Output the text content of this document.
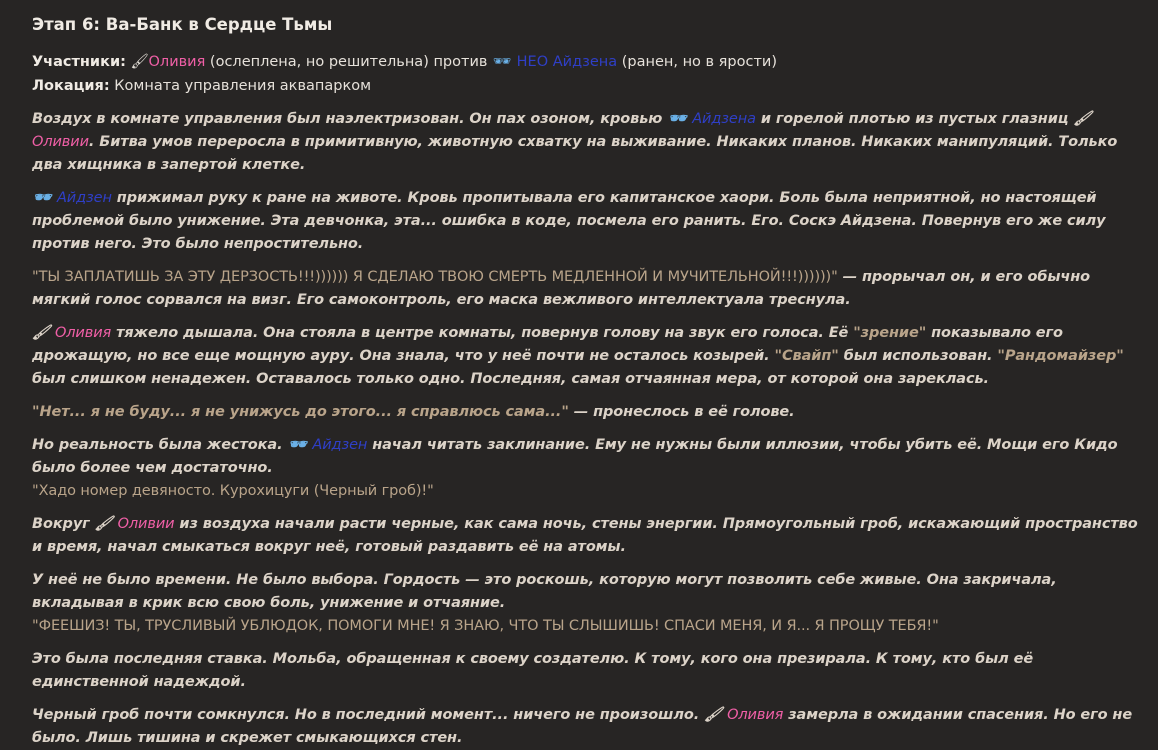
Этап 6: Ва-Банк в Сердце Тьмы
Участники: 🖌Оливия (ослеплена, но решительна) против 🕶 НЕО Айдзена (ранен, но в ярости)
Локация: Комната управления аквапарком

Воздух в комнате управления был наэлектризован. Он пах озоном, кровью 🕶 Айдзена и горелой плотью из пустых глазниц 🖌 Оливии. Битва умов переросла в примитивную, животную схватку на выживание. Никаких планов. Никаких манипуляций. Только два хищника в запертой клетке.

🕶 Айдзен прижимал руку к ране на животе. Кровь пропитывала его капитанское хаори. Боль была неприятной, но настоящей проблемой было унижение. Эта девчонка, эта... ошибка в коде, посмела его ранить. Его. Соскэ Айдзена. Повернув его же силу против него. Это было непростительно.

"ТЫ ЗАПЛАТИШЬ ЗА ЭТУ ДЕРЗОСТЬ!!!)))))) Я СДЕЛАЮ ТВОЮ СМЕРТЬ МЕДЛЕННОЙ И МУЧИТЕЛЬНОЙ!!!))))))" — прорычал он, и его обычно мягкий голос сорвался на визг. Его самоконтроль, его маска вежливого интеллектуала треснула.

🖌 Оливия тяжело дышала. Она стояла в центре комнаты, повернув голову на звук его голоса. Её "зрение" показывало его дрожащую, но все еще мощную ауру. Она знала, что у неё почти не осталось козырей. "Свайп" был использован. "Рандомайзер" был слишком ненадежен. Оставалось только одно. Последняя, самая отчаянная мера, от которой она зареклась.

"Нет... я не буду... я не унижусь до этого... я справлюсь сама..." — пронеслось в её голове.

Но реальность была жестока. 🕶 Айдзен начал читать заклинание. Ему не нужны были иллюзии, чтобы убить её. Мощи его Кидо было более чем достаточно.
"Хадо номер девяносто. Курохицуги (Черный гроб)!"

Вокруг 🖌 Оливии из воздуха начали расти черные, как сама ночь, стены энергии. Прямоугольный гроб, искажающий пространство и время, начал смыкаться вокруг неё, готовый раздавить её на атомы.

У неё не было времени. Не было выбора. Гордость — это роскошь, которую могут позволить себе живые. Она закричала, вкладывая в крик всю свою боль, унижение и отчаяние.
"ФЕЕШИЗ! ТЫ, ТРУСЛИВЫЙ УБЛЮДОК, ПОМОГИ МНЕ! Я ЗНАЮ, ЧТО ТЫ СЛЫШИШЬ! СПАСИ МЕНЯ, И Я... Я ПРОЩУ ТЕБЯ!"

Это была последняя ставка. Мольба, обращенная к своему создателю. К тому, кого она презирала. К тому, кто был её единственной надеждой.

Черный гроб почти сомкнулся. Но в последний момент... ничего не произошло. 🖌 Оливия замерла в ожидании спасения. Но его не было. Лишь тишина и скрежет смыкающихся стен.
